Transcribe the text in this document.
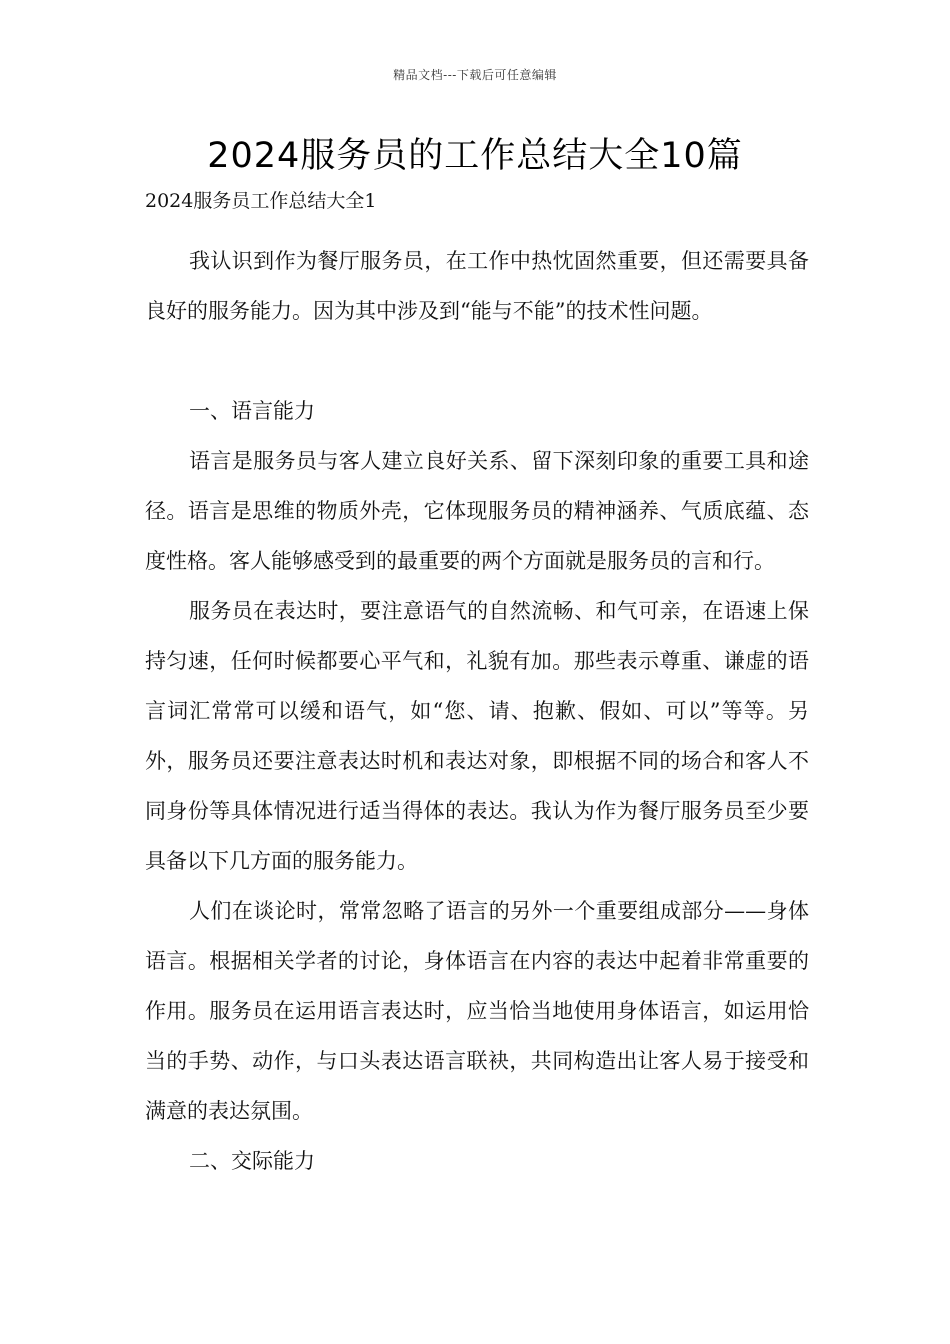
精品文档---下载后可任意编辑
2024服务员的工作总结大全10篇

2024服务员工作总结大全1

我认识到作为餐厅服务员，在工作中热忱固然重要，但还需要具备良好的服务能力。因为其中涉及到“能与不能”的技术性问题。

一、语言能力

语言是服务员与客人建立良好关系、留下深刻印象的重要工具和途径。语言是思维的物质外壳，它体现服务员的精神涵养、气质底蕴、态度性格。客人能够感受到的最重要的两个方面就是服务员的言和行。

服务员在表达时，要注意语气的自然流畅、和气可亲，在语速上保持匀速，任何时候都要心平气和，礼貌有加。那些表示尊重、谦虚的语言词汇常常可以缓和语气，如“您、请、抱歉、假如、可以”等等。另外，服务员还要注意表达时机和表达对象，即根据不同的场合和客人不同身份等具体情况进行适当得体的表达。我认为作为餐厅服务员至少要具备以下几方面的服务能力。

人们在谈论时，常常忽略了语言的另外一个重要组成部分——身体语言。根据相关学者的讨论，身体语言在内容的表达中起着非常重要的作用。服务员在运用语言表达时，应当恰当地使用身体语言，如运用恰当的手势、动作，与口头表达语言联袂，共同构造出让客人易于接受和满意的表达氛围。

二、交际能力
